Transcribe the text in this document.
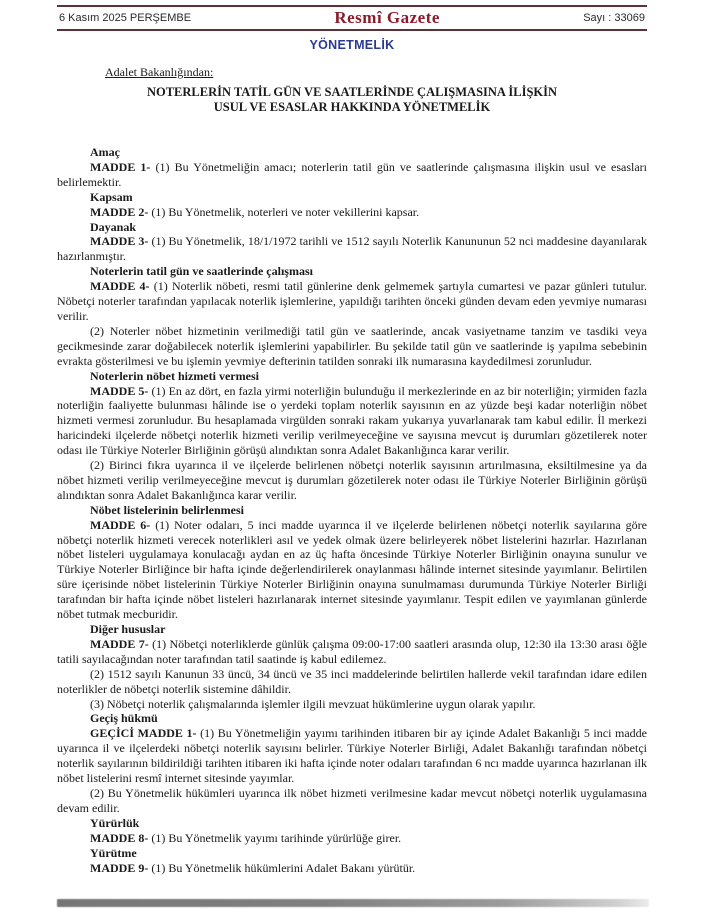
6 Kasım 2025 PERŞEMBE	Resmî Gazete	Sayı : 33069
YÖNETMELİK
Adalet Bakanlığından:
NOTERLERİN TATİL GÜN VE SAATLERİNDE ÇALIŞMASINA İLİŞKİN
USUL VE ESASLAR HAKKINDA YÖNETMELİK
Amaç
MADDE 1- (1) Bu Yönetmeliğin amacı; noterlerin tatil gün ve saatlerinde çalışmasına ilişkin usul ve esasları belirlemektir.
Kapsam
MADDE 2- (1) Bu Yönetmelik, noterleri ve noter vekillerini kapsar.
Dayanak
MADDE 3- (1) Bu Yönetmelik, 18/1/1972 tarihli ve 1512 sayılı Noterlik Kanununun 52 nci maddesine dayanılarak hazırlanmıştır.
Noterlerin tatil gün ve saatlerinde çalışması
MADDE 4- (1) Noterlik nöbeti, resmi tatil günlerine denk gelmemek şartıyla cumartesi ve pazar günleri tutulur. Nöbetçi noterler tarafından yapılacak noterlik işlemlerine, yapıldığı tarihten önceki günden devam eden yevmiye numarası verilir.
(2) Noterler nöbet hizmetinin verilmediği tatil gün ve saatlerinde, ancak vasiyetname tanzim ve tasdiki veya gecikmesinde zarar doğabilecek noterlik işlemlerini yapabilirler. Bu şekilde tatil gün ve saatlerinde iş yapılma sebebinin evrakta gösterilmesi ve bu işlemin yevmiye defterinin tatilden sonraki ilk numarasına kaydedilmesi zorunludur.
Noterlerin nöbet hizmeti vermesi
MADDE 5- (1) En az dört, en fazla yirmi noterliğin bulunduğu il merkezlerinde en az bir noterliğin; yirmiden fazla noterliğin faaliyette bulunması hâlinde ise o yerdeki toplam noterlik sayısının en az yüzde beşi kadar noterliğin nöbet hizmeti vermesi zorunludur. Bu hesaplamada virgülden sonraki rakam yukarıya yuvarlanarak tam kabul edilir. İl merkezi haricindeki ilçelerde nöbetçi noterlik hizmeti verilip verilmeyeceğine ve sayısına mevcut iş durumları gözetilerek noter odası ile Türkiye Noterler Birliğinin görüşü alındıktan sonra Adalet Bakanlığınca karar verilir.
(2) Birinci fıkra uyarınca il ve ilçelerde belirlenen nöbetçi noterlik sayısının artırılmasına, eksiltilmesine ya da nöbet hizmeti verilip verilmeyeceğine mevcut iş durumları gözetilerek noter odası ile Türkiye Noterler Birliğinin görüşü alındıktan sonra Adalet Bakanlığınca karar verilir.
Nöbet listelerinin belirlenmesi
MADDE 6- (1) Noter odaları, 5 inci madde uyarınca il ve ilçelerde belirlenen nöbetçi noterlik sayılarına göre nöbetçi noterlik hizmeti verecek noterlikleri asıl ve yedek olmak üzere belirleyerek nöbet listelerini hazırlar. Hazırlanan nöbet listeleri uygulamaya konulacağı aydan en az üç hafta öncesinde Türkiye Noterler Birliğinin onayına sunulur ve Türkiye Noterler Birliğince bir hafta içinde değerlendirilerek onaylanması hâlinde internet sitesinde yayımlanır. Belirtilen süre içerisinde nöbet listelerinin Türkiye Noterler Birliğinin onayına sunulmaması durumunda Türkiye Noterler Birliği tarafından bir hafta içinde nöbet listeleri hazırlanarak internet sitesinde yayımlanır. Tespit edilen ve yayımlanan günlerde nöbet tutmak mecburidir.
Diğer hususlar
MADDE 7- (1) Nöbetçi noterliklerde günlük çalışma 09:00-17:00 saatleri arasında olup, 12:30 ila 13:30 arası öğle tatili sayılacağından noter tarafından tatil saatinde iş kabul edilemez.
(2) 1512 sayılı Kanunun 33 üncü, 34 üncü ve 35 inci maddelerinde belirtilen hallerde vekil tarafından idare edilen noterlikler de nöbetçi noterlik sistemine dâhildir.
(3) Nöbetçi noterlik çalışmalarında işlemler ilgili mevzuat hükümlerine uygun olarak yapılır.
Geçiş hükmü
GEÇİCİ MADDE 1- (1) Bu Yönetmeliğin yayımı tarihinden itibaren bir ay içinde Adalet Bakanlığı 5 inci madde uyarınca il ve ilçelerdeki nöbetçi noterlik sayısını belirler. Türkiye Noterler Birliği, Adalet Bakanlığı tarafından nöbetçi noterlik sayılarının bildirildiği tarihten itibaren iki hafta içinde noter odaları tarafından 6 ncı madde uyarınca hazırlanan ilk nöbet listelerini resmî internet sitesinde yayımlar.
(2) Bu Yönetmelik hükümleri uyarınca ilk nöbet hizmeti verilmesine kadar mevcut nöbetçi noterlik uygulamasına devam edilir.
Yürürlük
MADDE 8- (1) Bu Yönetmelik yayımı tarihinde yürürlüğe girer.
Yürütme
MADDE 9- (1) Bu Yönetmelik hükümlerini Adalet Bakanı yürütür.
